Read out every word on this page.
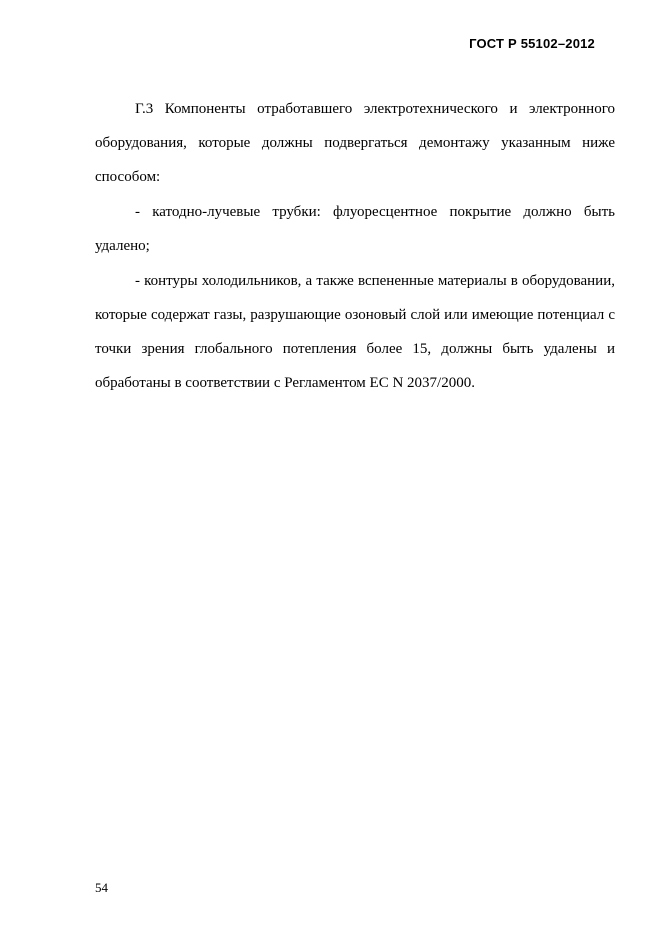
ГОСТ Р 55102–2012

Г.3 Компоненты отработавшего электротехнического и электронного оборудования, которые должны подвергаться демонтажу указанным ниже способом:

- катодно-лучевые трубки: флуоресцентное покрытие должно быть удалено;

- контуры холодильников, а также вспененные материалы в оборудовании, которые содержат газы, разрушающие озоновый слой или имеющие потенциал с точки зрения глобального потепления более 15, должны быть удалены и обработаны в соответствии с Регламентом ЕС N 2037/2000.

54
